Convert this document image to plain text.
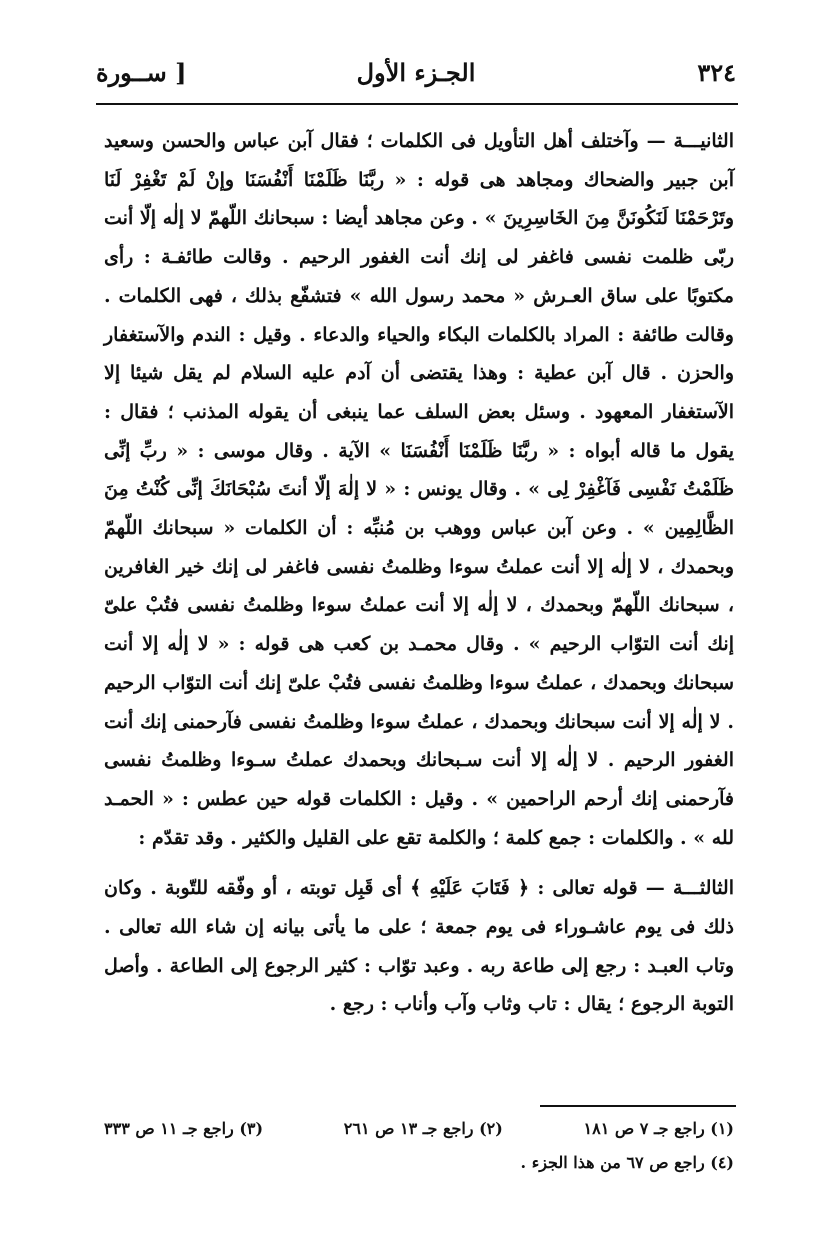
٣٢٤
الجـزء الأول
[ ســورة

الثانيـــة — وآختلف أهل التأويل فى الكلمات ؛ فقال آبن عباس والحسن وسعيد آبن جبير والضحاك ومجاهد هى قوله : « ربَّنَا ظَلَمْنَا أَنْفُسَنَا وإنْ لَمْ تَغْفِرْ لَنَا وتَرْحَمْنَا لَنَكُونَنَّ مِنَ الخَاسِرِينَ » . وعن مجاهد أيضا : سبحانك اللّهمّ لا إلٰه إلّا أنت ربّى ظلمت نفسى فاغفر لى إنك أنت الغفور الرحيم . وقالت طائفـة : رأى مكتوبًا على ساق العـرش « محمد رسول الله » فتشفّع بذلك ، فهى الكلمات . وقالت طائفة : المراد بالكلمات البكاء والحياء والدعاء . وقيل : الندم والآستغفار والحزن . قال آبن عطية : وهذا يقتضى أن آدم عليه السلام لم يقل شيئا إلا الآستغفار المعهود . وسئل بعض السلف عما ينبغى أن يقوله المذنب ؛ فقال : يقول ما قاله أبواه : « ربَّنَا ظَلَمْنَا أَنْفُسَنَا » الآية . وقال موسى : « ربِّ إنِّى ظَلَمْتُ نَفْسِى فَآغْفِرْ لِى » . وقال يونس : « لا إلٰهَ إلّا أنتَ سُبْحَانَكَ إنِّى كُنْتُ مِنَ الظَّالِمِين » . وعن آبن عباس ووهب بن مُنبِّه : أن الكلمات « سبحانك اللّهمّ وبحمدك ، لا إلٰه إلا أنت عملتُ سوءا وظلمتُ نفسى فاغفر لى إنك خير الغافرين ، سبحانك اللّهمّ وبحمدك ، لا إلٰه إلا أنت عملتُ سوءا وظلمتُ نفسى فتُبْ علىّ إنك أنت التوّاب الرحيم » . وقال محمـد بن كعب هى قوله : « لا إلٰه إلا أنت سبحانك وبحمدك ، عملتُ سوءا وظلمتُ نفسى فتُبْ علىّ إنك أنت التوّاب الرحيم . لا إلٰه إلا أنت سبحانك وبحمدك ، عملتُ سوءا وظلمتُ نفسى فآرحمنى إنك أنت الغفور الرحيم . لا إلٰه إلا أنت سـبحانك وبحمدك عملتُ سـوءا وظلمتُ نفسى فآرحمنى إنك أرحم الراحمين » . وقيل : الكلمات قوله حين عطس : « الحمـد لله » . والكلمات : جمع كلمة ؛ والكلمة تقع على القليل والكثير . وقد تقدّم :

الثالثـــة — قوله تعالى : ﴿ فَتَابَ عَلَيْهِ ﴾ أى قَبِل توبته ، أو وفّقه للتّوبة . وكان ذلك فى يوم عاشـوراء فى يوم جمعة ؛ على ما يأتى بيانه إن شاء الله تعالى . وتاب العبـد : رجع إلى طاعة ربه . وعبد توّاب : كثير الرجوع إلى الطاعة . وأصل التوبة الرجوع ؛ يقال : تاب وثاب وآب وأناب : رجع .

(١) راجع جـ ٧ ص ١٨١
(٢) راجع جـ ١٣ ص ٢٦١
(٣) راجع جـ ١١ ص ٣٣٣
(٤) راجع ص ٦٧ من هذا الجزء .
